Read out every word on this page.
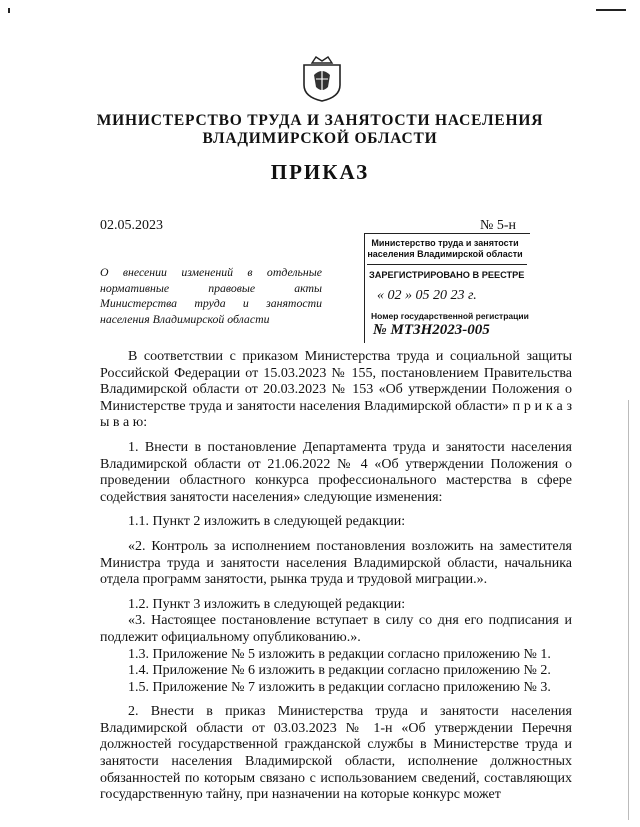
МИНИСТЕРСТВО ТРУДА И ЗАНЯТОСТИ НАСЕЛЕНИЯ
ВЛАДИМИРСКОЙ ОБЛАСТИ
ПРИКАЗ
02.05.2023	№ 5-н
Министерство труда и занятости населения Владимирской области
ЗАРЕГИСТРИРОВАНО В РЕЕСТРЕ
« 02 » 05 20 23 г.
Номер государственной регистрации
№ МТЗН2023-005
О внесении изменений в отдельные
нормативные правовые акты
Министерства труда и занятости
населения Владимирской области

В соответствии с приказом Министерства труда и социальной защиты Российской Федерации от 15.03.2023 № 155, постановлением Правительства Владимирской области от 20.03.2023 № 153 «Об утверждении Положения о Министерстве труда и занятости населения Владимирской области» п р и к а з ы в а ю:

1. Внести в постановление Департамента труда и занятости населения Владимирской области от 21.06.2022 № 4 «Об утверждении Положения о проведении областного конкурса профессионального мастерства в сфере содействия занятости населения» следующие изменения:

1.1. Пункт 2 изложить в следующей редакции:

«2. Контроль за исполнением постановления возложить на заместителя Министра труда и занятости населения Владимирской области, начальника отдела программ занятости, рынка труда и трудовой миграции.».

1.2. Пункт 3 изложить в следующей редакции:

«3. Настоящее постановление вступает в силу со дня его подписания и подлежит официальному опубликованию.».

1.3. Приложение № 5 изложить в редакции согласно приложению № 1.

1.4. Приложение № 6 изложить в редакции согласно приложению № 2.

1.5. Приложение № 7 изложить в редакции согласно приложению № 3.

2. Внести в приказ Министерства труда и занятости населения Владимирской области от 03.03.2023 № 1-н «Об утверждении Перечня должностей государственной гражданской службы в Министерстве труда и занятости населения Владимирской области, исполнение должностных обязанностей по которым связано с использованием сведений, составляющих государственную тайну, при назначении на которые конкурс может
